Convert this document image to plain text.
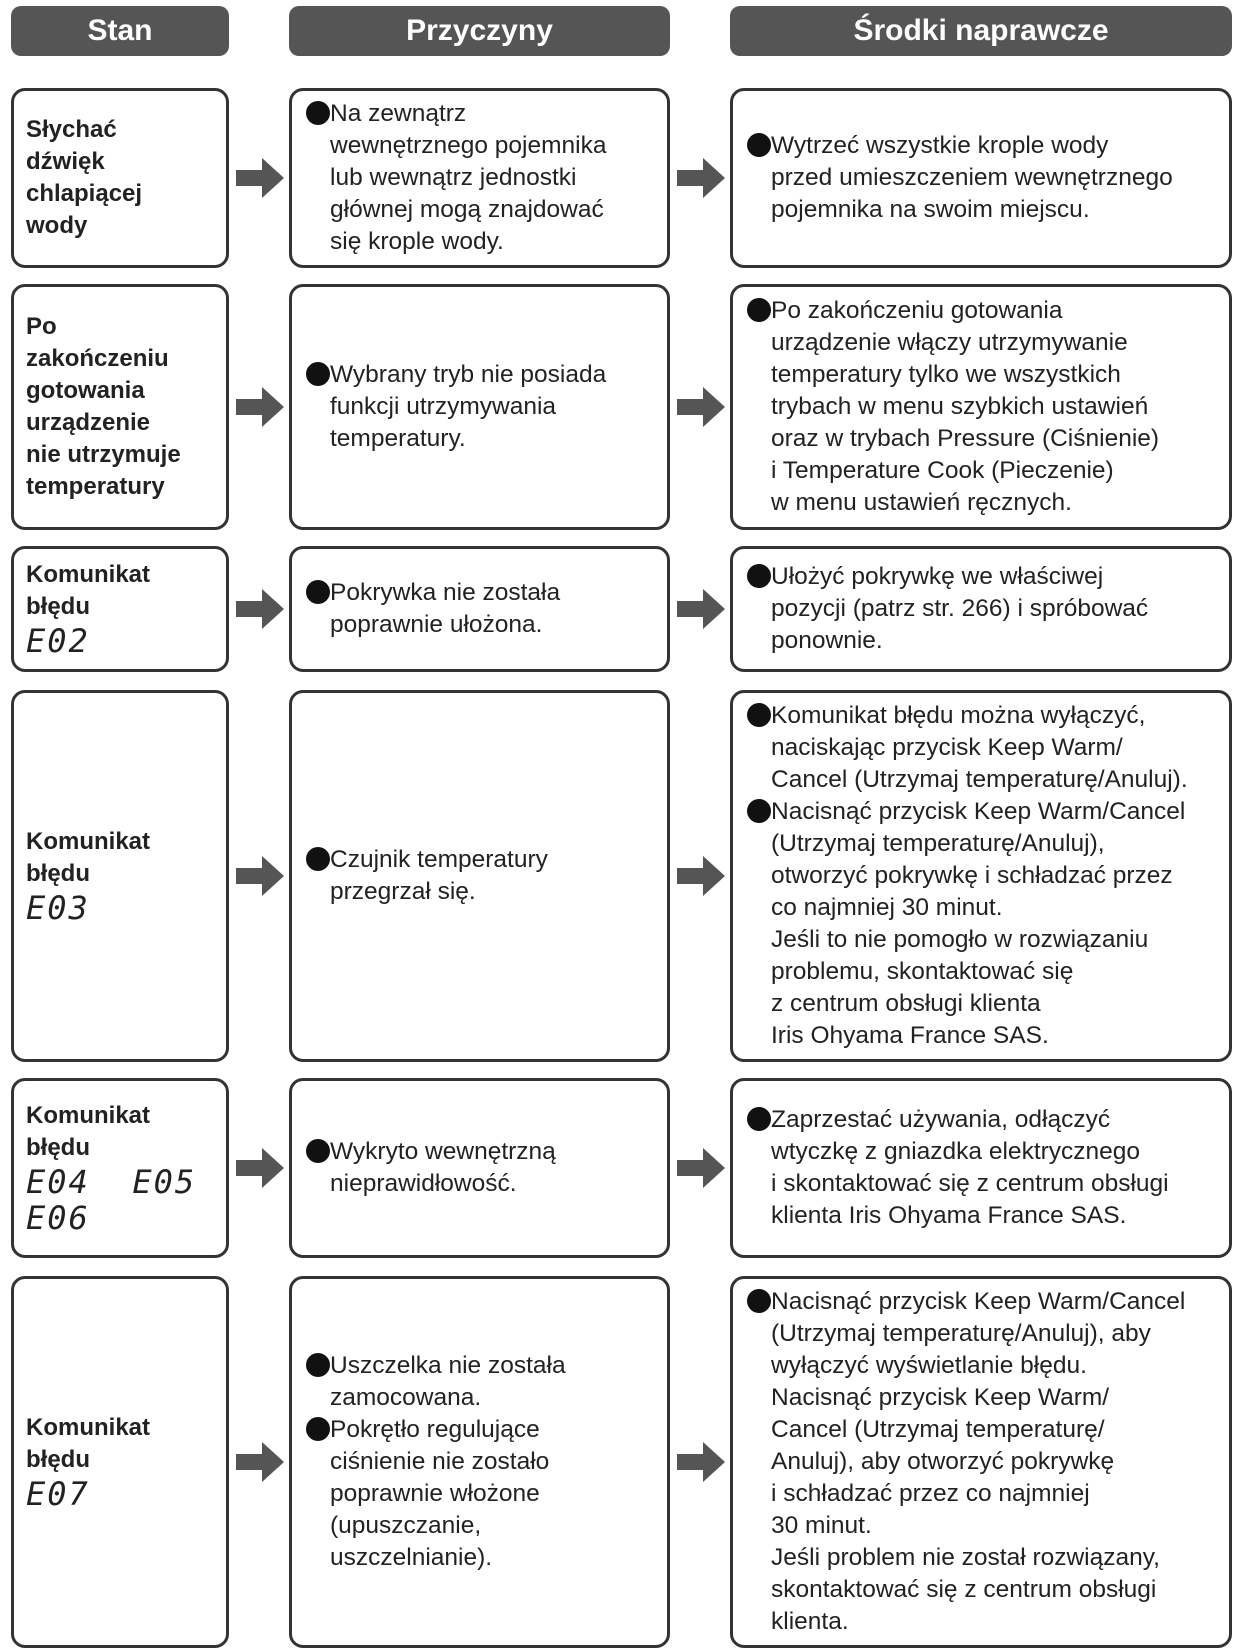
Stan	Przyczyny	Środki naprawcze
Słychać
dźwięk
chlapiącej
wody
Na zewnątrz
wewnętrznego pojemnika
lub wewnątrz jednostki
głównej mogą znajdować
się krople wody.
Wytrzeć wszystkie krople wody
przed umieszczeniem wewnętrznego
pojemnika na swoim miejscu.
Po
zakończeniu
gotowania
urządzenie
nie utrzymuje
temperatury
Wybrany tryb nie posiada
funkcji utrzymywania
temperatury.
Po zakończeniu gotowania
urządzenie włączy utrzymywanie
temperatury tylko we wszystkich
trybach w menu szybkich ustawień
oraz w trybach Pressure (Ciśnienie)
i Temperature Cook (Pieczenie)
w menu ustawień ręcznych.
Komunikat
błędu
E02
Pokrywka nie została
poprawnie ułożona.
Ułożyć pokrywkę we właściwej
pozycji (patrz str. 266) i spróbować
ponownie.
Komunikat
błędu
E03
Czujnik temperatury
przegrzał się.
Komunikat błędu można wyłączyć,
naciskając przycisk Keep Warm/
Cancel (Utrzymaj temperaturę/Anuluj).
Nacisnąć przycisk Keep Warm/Cancel
(Utrzymaj temperaturę/Anuluj),
otworzyć pokrywkę i schładzać przez
co najmniej 30 minut.
Jeśli to nie pomogło w rozwiązaniu
problemu, skontaktować się
z centrum obsługi klienta
Iris Ohyama France SAS.
Komunikat
błędu
E04  E05
E06
Wykryto wewnętrzną
nieprawidłowość.
Zaprzestać używania, odłączyć
wtyczkę z gniazdka elektrycznego
i skontaktować się z centrum obsługi
klienta Iris Ohyama France SAS.
Komunikat
błędu
E07
Uszczelka nie została
zamocowana.
Pokrętło regulujące
ciśnienie nie zostało
poprawnie włożone
(upuszczanie,
uszczelnianie).
Nacisnąć przycisk Keep Warm/Cancel
(Utrzymaj temperaturę/Anuluj), aby
wyłączyć wyświetlanie błędu.
Nacisnąć przycisk Keep Warm/
Cancel (Utrzymaj temperaturę/
Anuluj), aby otworzyć pokrywkę
i schładzać przez co najmniej
30 minut.
Jeśli problem nie został rozwiązany,
skontaktować się z centrum obsługi
klienta.
